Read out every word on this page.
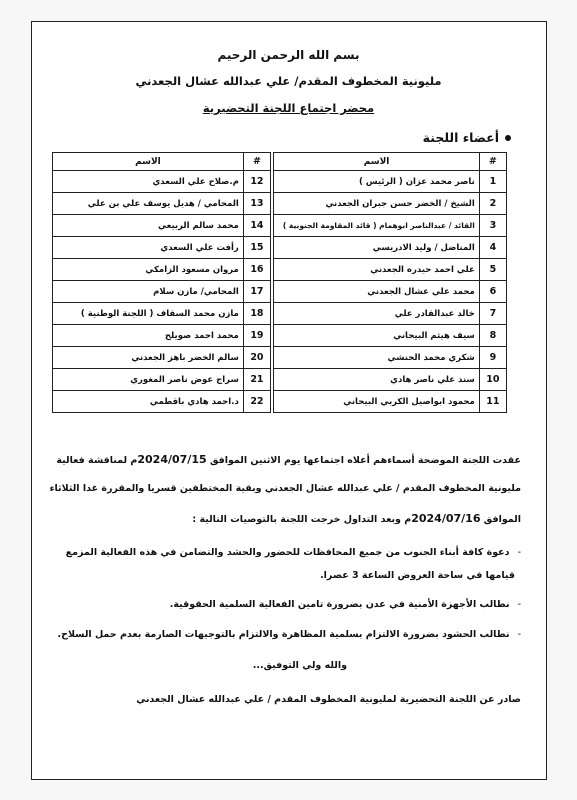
بسم الله الرحمن الرحيم
مليونية المخطوف المقدم/ علي عبدالله عشال الجعدني
محضر اجتماع اللجنة التحضيرية
أعضاء اللجنة
#	الاسم		#	الاسم
1	ناصر محمد عزان ( الرئيس )		12	م.صلاح علي السعدي
2	الشيخ / الخضر حسن جبران الجعدني		13	المحامي / هديل يوسف علي بن علي
3	القائد / عبدالناصر ابوهمام ( قائد المقاومة الجنوبية )		14	محمد سالم الربيعي
4	المناضل / وليد الادريسي		15	رأفت علي السعدي
5	علي احمد حيدره الجعدني		16	مروان مسعود الزامكي
6	محمد علي عشال الجعدني		17	المحامي/ مازن سلام
7	خالد عبدالقادر علي		18	مازن محمد السقاف ( اللجنة الوطنية )
8	سيف هيثم البيحاني		19	محمد احمد صويلح
9	شكري محمد الحنشي		20	سالم الخضر باهز الجعدني
10	سند علي ناصر هادي		21	سراج عوض ناصر المغوري
11	محمود ابواصيل الكربي البيحاني		22	د.احمد هادي باقطمي
عقدت اللجنة الموضحة أسماءهم أعلاه اجتماعها يوم الاثنين الموافق 2024/07/15م لمناقشة فعالية
مليونية المخطوف المقدم / علي عبدالله عشال الجعدني وبقية المختطفين قسريا والمقررة غدا الثلاثاء
الموافق 2024/07/16م وبعد التداول خرجت اللجنة بالتوصيات التالية :
-
دعوة كافة أبناء الجنوب من جميع المحافظات للحضور والحشد والتضامن في هذه الفعالية المزمع
قيامها في ساحة العروض الساعة 3 عصرا.
-
نطالب الأجهزة الأمنية في عدن بضرورة تامين الفعالية السلمية الحقوقية.
-
نطالب الحشود بضرورة الالتزام بسلمية المظاهرة والالتزام بالتوجيهات الصارمة بعدم حمل السلاح.
والله ولي التوفيق...
صادر عن اللجنة التحضيرية لمليونية المخطوف المقدم / علي عبدالله عشال الجعدني
